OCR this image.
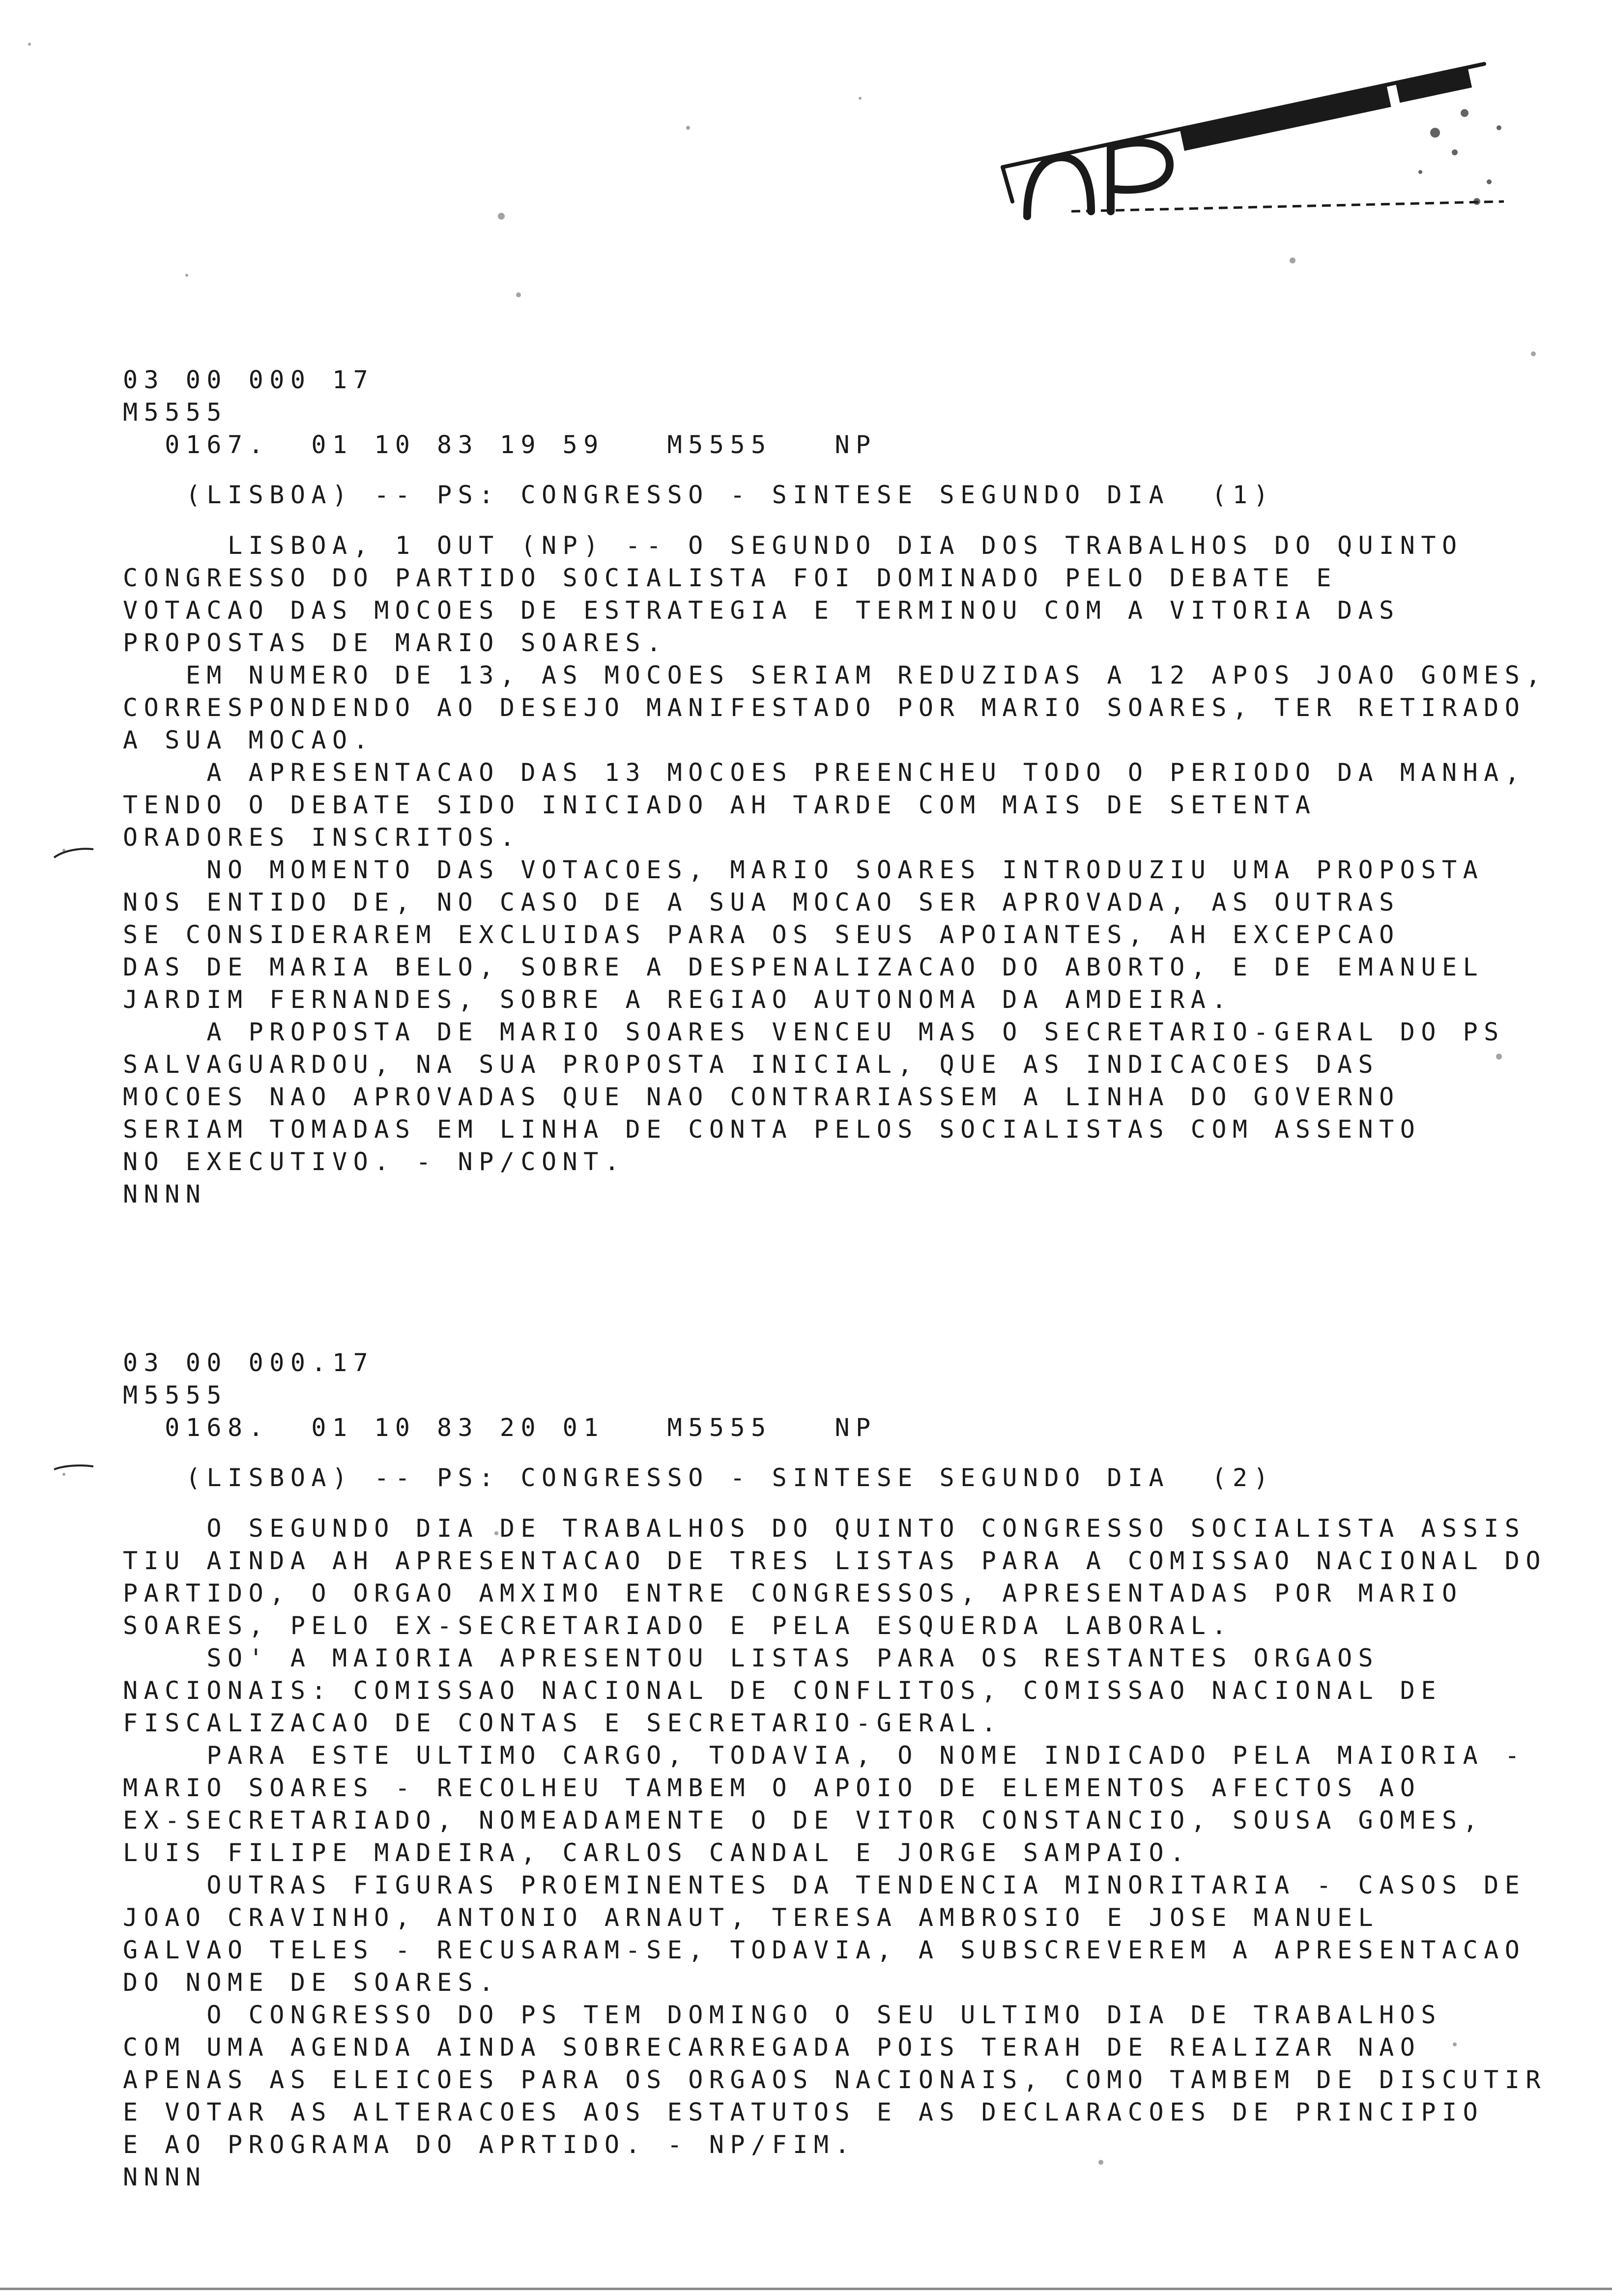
03 00 000 17
M5555
0167.  01 10 83 19 59   M5555   NP
(LISBOA) -- PS: CONGRESSO - SINTESE SEGUNDO DIA  (1)
LISBOA, 1 OUT (NP) -- O SEGUNDO DIA DOS TRABALHOS DO QUINTO
CONGRESSO DO PARTIDO SOCIALISTA FOI DOMINADO PELO DEBATE E
VOTACAO DAS MOCOES DE ESTRATEGIA E TERMINOU COM A VITORIA DAS
PROPOSTAS DE MARIO SOARES.
EM NUMERO DE 13, AS MOCOES SERIAM REDUZIDAS A 12 APOS JOAO GOMES,
CORRESPONDENDO AO DESEJO MANIFESTADO POR MARIO SOARES, TER RETIRADO
A SUA MOCAO.
A APRESENTACAO DAS 13 MOCOES PREENCHEU TODO O PERIODO DA MANHA,
TENDO O DEBATE SIDO INICIADO AH TARDE COM MAIS DE SETENTA
ORADORES INSCRITOS.
NO MOMENTO DAS VOTACOES, MARIO SOARES INTRODUZIU UMA PROPOSTA
NOS ENTIDO DE, NO CASO DE A SUA MOCAO SER APROVADA, AS OUTRAS
SE CONSIDERAREM EXCLUIDAS PARA OS SEUS APOIANTES, AH EXCEPCAO
DAS DE MARIA BELO, SOBRE A DESPENALIZACAO DO ABORTO, E DE EMANUEL
JARDIM FERNANDES, SOBRE A REGIAO AUTONOMA DA AMDEIRA.
A PROPOSTA DE MARIO SOARES VENCEU MAS O SECRETARIO-GERAL DO PS
SALVAGUARDOU, NA SUA PROPOSTA INICIAL, QUE AS INDICACOES DAS
MOCOES NAO APROVADAS QUE NAO CONTRARIASSEM A LINHA DO GOVERNO
SERIAM TOMADAS EM LINHA DE CONTA PELOS SOCIALISTAS COM ASSENTO
NO EXECUTIVO. - NP/CONT.
NNNN
03 00 000.17
M5555
0168.  01 10 83 20 01   M5555   NP
(LISBOA) -- PS: CONGRESSO - SINTESE SEGUNDO DIA  (2)
O SEGUNDO DIA DE TRABALHOS DO QUINTO CONGRESSO SOCIALISTA ASSIS
TIU AINDA AH APRESENTACAO DE TRES LISTAS PARA A COMISSAO NACIONAL DO
PARTIDO, O ORGAO AMXIMO ENTRE CONGRESSOS, APRESENTADAS POR MARIO
SOARES, PELO EX-SECRETARIADO E PELA ESQUERDA LABORAL.
SO' A MAIORIA APRESENTOU LISTAS PARA OS RESTANTES ORGAOS
NACIONAIS: COMISSAO NACIONAL DE CONFLITOS, COMISSAO NACIONAL DE
FISCALIZACAO DE CONTAS E SECRETARIO-GERAL.
PARA ESTE ULTIMO CARGO, TODAVIA, O NOME INDICADO PELA MAIORIA -
MARIO SOARES - RECOLHEU TAMBEM O APOIO DE ELEMENTOS AFECTOS AO
EX-SECRETARIADO, NOMEADAMENTE O DE VITOR CONSTANCIO, SOUSA GOMES,
LUIS FILIPE MADEIRA, CARLOS CANDAL E JORGE SAMPAIO.
OUTRAS FIGURAS PROEMINENTES DA TENDENCIA MINORITARIA - CASOS DE
JOAO CRAVINHO, ANTONIO ARNAUT, TERESA AMBROSIO E JOSE MANUEL
GALVAO TELES - RECUSARAM-SE, TODAVIA, A SUBSCREVEREM A APRESENTACAO
DO NOME DE SOARES.
O CONGRESSO DO PS TEM DOMINGO O SEU ULTIMO DIA DE TRABALHOS
COM UMA AGENDA AINDA SOBRECARREGADA POIS TERAH DE REALIZAR NAO
APENAS AS ELEICOES PARA OS ORGAOS NACIONAIS, COMO TAMBEM DE DISCUTIR
E VOTAR AS ALTERACOES AOS ESTATUTOS E AS DECLARACOES DE PRINCIPIO
E AO PROGRAMA DO APRTIDO. - NP/FIM.
NNNN
